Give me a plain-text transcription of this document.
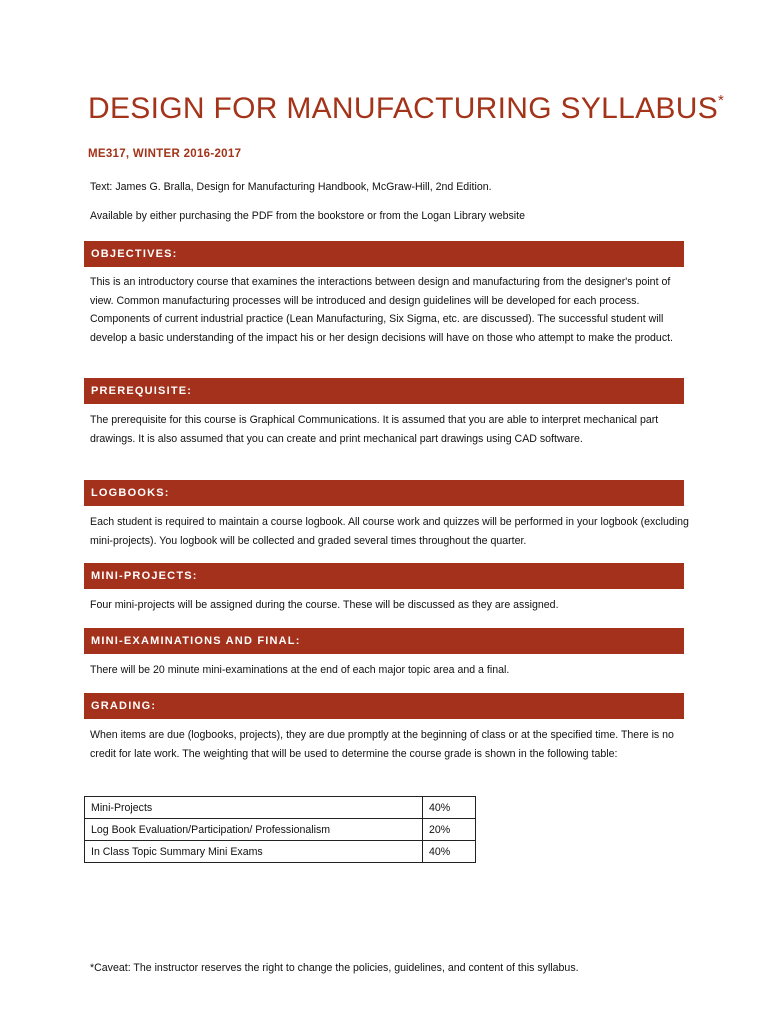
DESIGN FOR MANUFACTURING SYLLABUS*
ME317, WINTER 2016-2017
Text: James G. Bralla, Design for Manufacturing Handbook, McGraw-Hill, 2nd Edition.
Available by either purchasing the PDF from the bookstore or from the Logan Library website
OBJECTIVES:
This is an introductory course that examines the interactions between design and manufacturing from the designer's point of view. Common manufacturing processes will be introduced and design guidelines will be developed for each process. Components of current industrial practice (Lean Manufacturing, Six Sigma, etc. are discussed). The successful student will develop a basic understanding of the impact his or her design decisions will have on those who attempt to make the product.
PREREQUISITE:
The prerequisite for this course is Graphical Communications. It is assumed that you are able to interpret mechanical part drawings. It is also assumed that you can create and print mechanical part drawings using CAD software.
LOGBOOKS:
Each student is required to maintain a course logbook. All course work and quizzes will be performed in your logbook (excluding mini-projects). You logbook will be collected and graded several times throughout the quarter.
MINI-PROJECTS:
Four mini-projects will be assigned during the course. These will be discussed as they are assigned.
MINI-EXAMINATIONS AND FINAL:
There will be 20 minute mini-examinations at the end of each major topic area and a final.
GRADING:
When items are due (logbooks, projects), they are due promptly at the beginning of class or at the specified time. There is no credit for late work. The weighting that will be used to determine the course grade is shown in the following table:
Mini-Projects	40%
Log Book Evaluation/Participation/ Professionalism	20%
In Class Topic Summary Mini Exams	40%
*Caveat: The instructor reserves the right to change the policies, guidelines, and content of this syllabus.
